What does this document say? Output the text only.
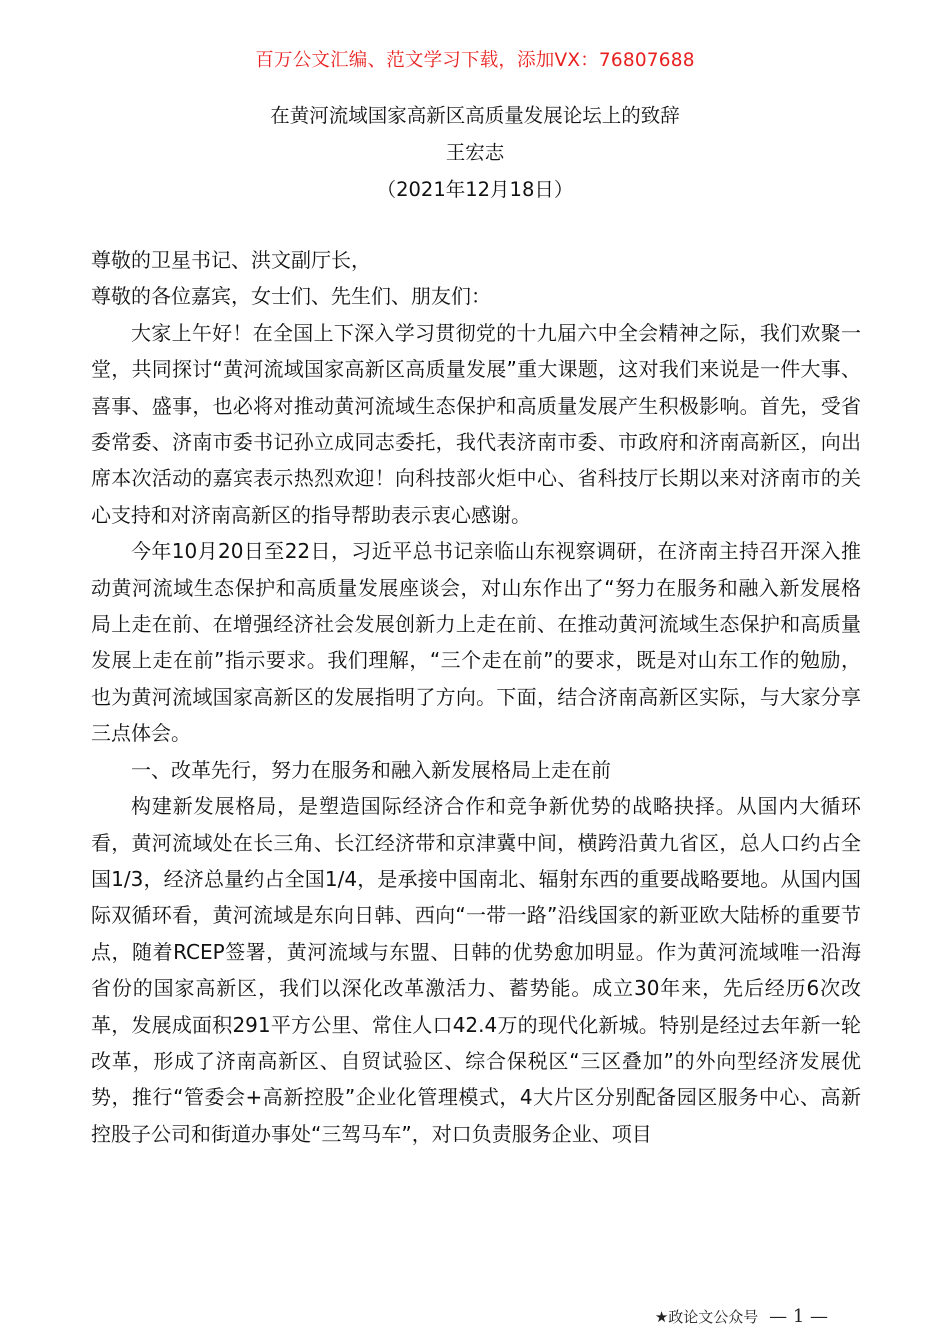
百万公文汇编、范文学习下载，添加VX：76807688
在黄河流域国家高新区高质量发展论坛上的致辞
王宏志
（2021年12月18日）

尊敬的卫星书记、洪文副厅长，

尊敬的各位嘉宾，女士们、先生们、朋友们：

大家上午好！在全国上下深入学习贯彻党的十九届六中全会精神之际，我们欢聚一堂，共同探讨“黄河流域国家高新区高质量发展”重大课题，这对我们来说是一件大事、喜事、盛事，也必将对推动黄河流域生态保护和高质量发展产生积极影响。首先，受省委常委、济南市委书记孙立成同志委托，我代表济南市委、市政府和济南高新区，向出席本次活动的嘉宾表示热烈欢迎！向科技部火炬中心、省科技厅长期以来对济南市的关心支持和对济南高新区的指导帮助表示衷心感谢。

今年10月20日至22日，习近平总书记亲临山东视察调研，在济南主持召开深入推动黄河流域生态保护和高质量发展座谈会，对山东作出了“努力在服务和融入新发展格局上走在前、在增强经济社会发展创新力上走在前、在推动黄河流域生态保护和高质量发展上走在前”指示要求。我们理解，“三个走在前”的要求，既是对山东工作的勉励，也为黄河流域国家高新区的发展指明了方向。下面，结合济南高新区实际，与大家分享三点体会。

一、改革先行，努力在服务和融入新发展格局上走在前

构建新发展格局，是塑造国际经济合作和竞争新优势的战略抉择。从国内大循环看，黄河流域处在长三角、长江经济带和京津冀中间，横跨沿黄九省区，总人口约占全国1/3，经济总量约占全国1/4，是承接中国南北、辐射东西的重要战略要地。从国内国际双循环看，黄河流域是东向日韩、西向“一带一路”沿线国家的新亚欧大陆桥的重要节点，随着RCEP签署，黄河流域与东盟、日韩的优势愈加明显。作为黄河流域唯一沿海省份的国家高新区，我们以深化改革激活力、蓄势能。成立30年来，先后经历6次改革，发展成面积291平方公里、常住人口42.4万的现代化新城。特别是经过去年新一轮改革，形成了济南高新区、自贸试验区、综合保税区“三区叠加”的外向型经济发展优势，推行“管委会+高新控股”企业化管理模式，4大片区分别配备园区服务中心、高新控股子公司和街道办事处“三驾马车”，对口负责服务企业、项目

★政论文公众号 — 1 —
